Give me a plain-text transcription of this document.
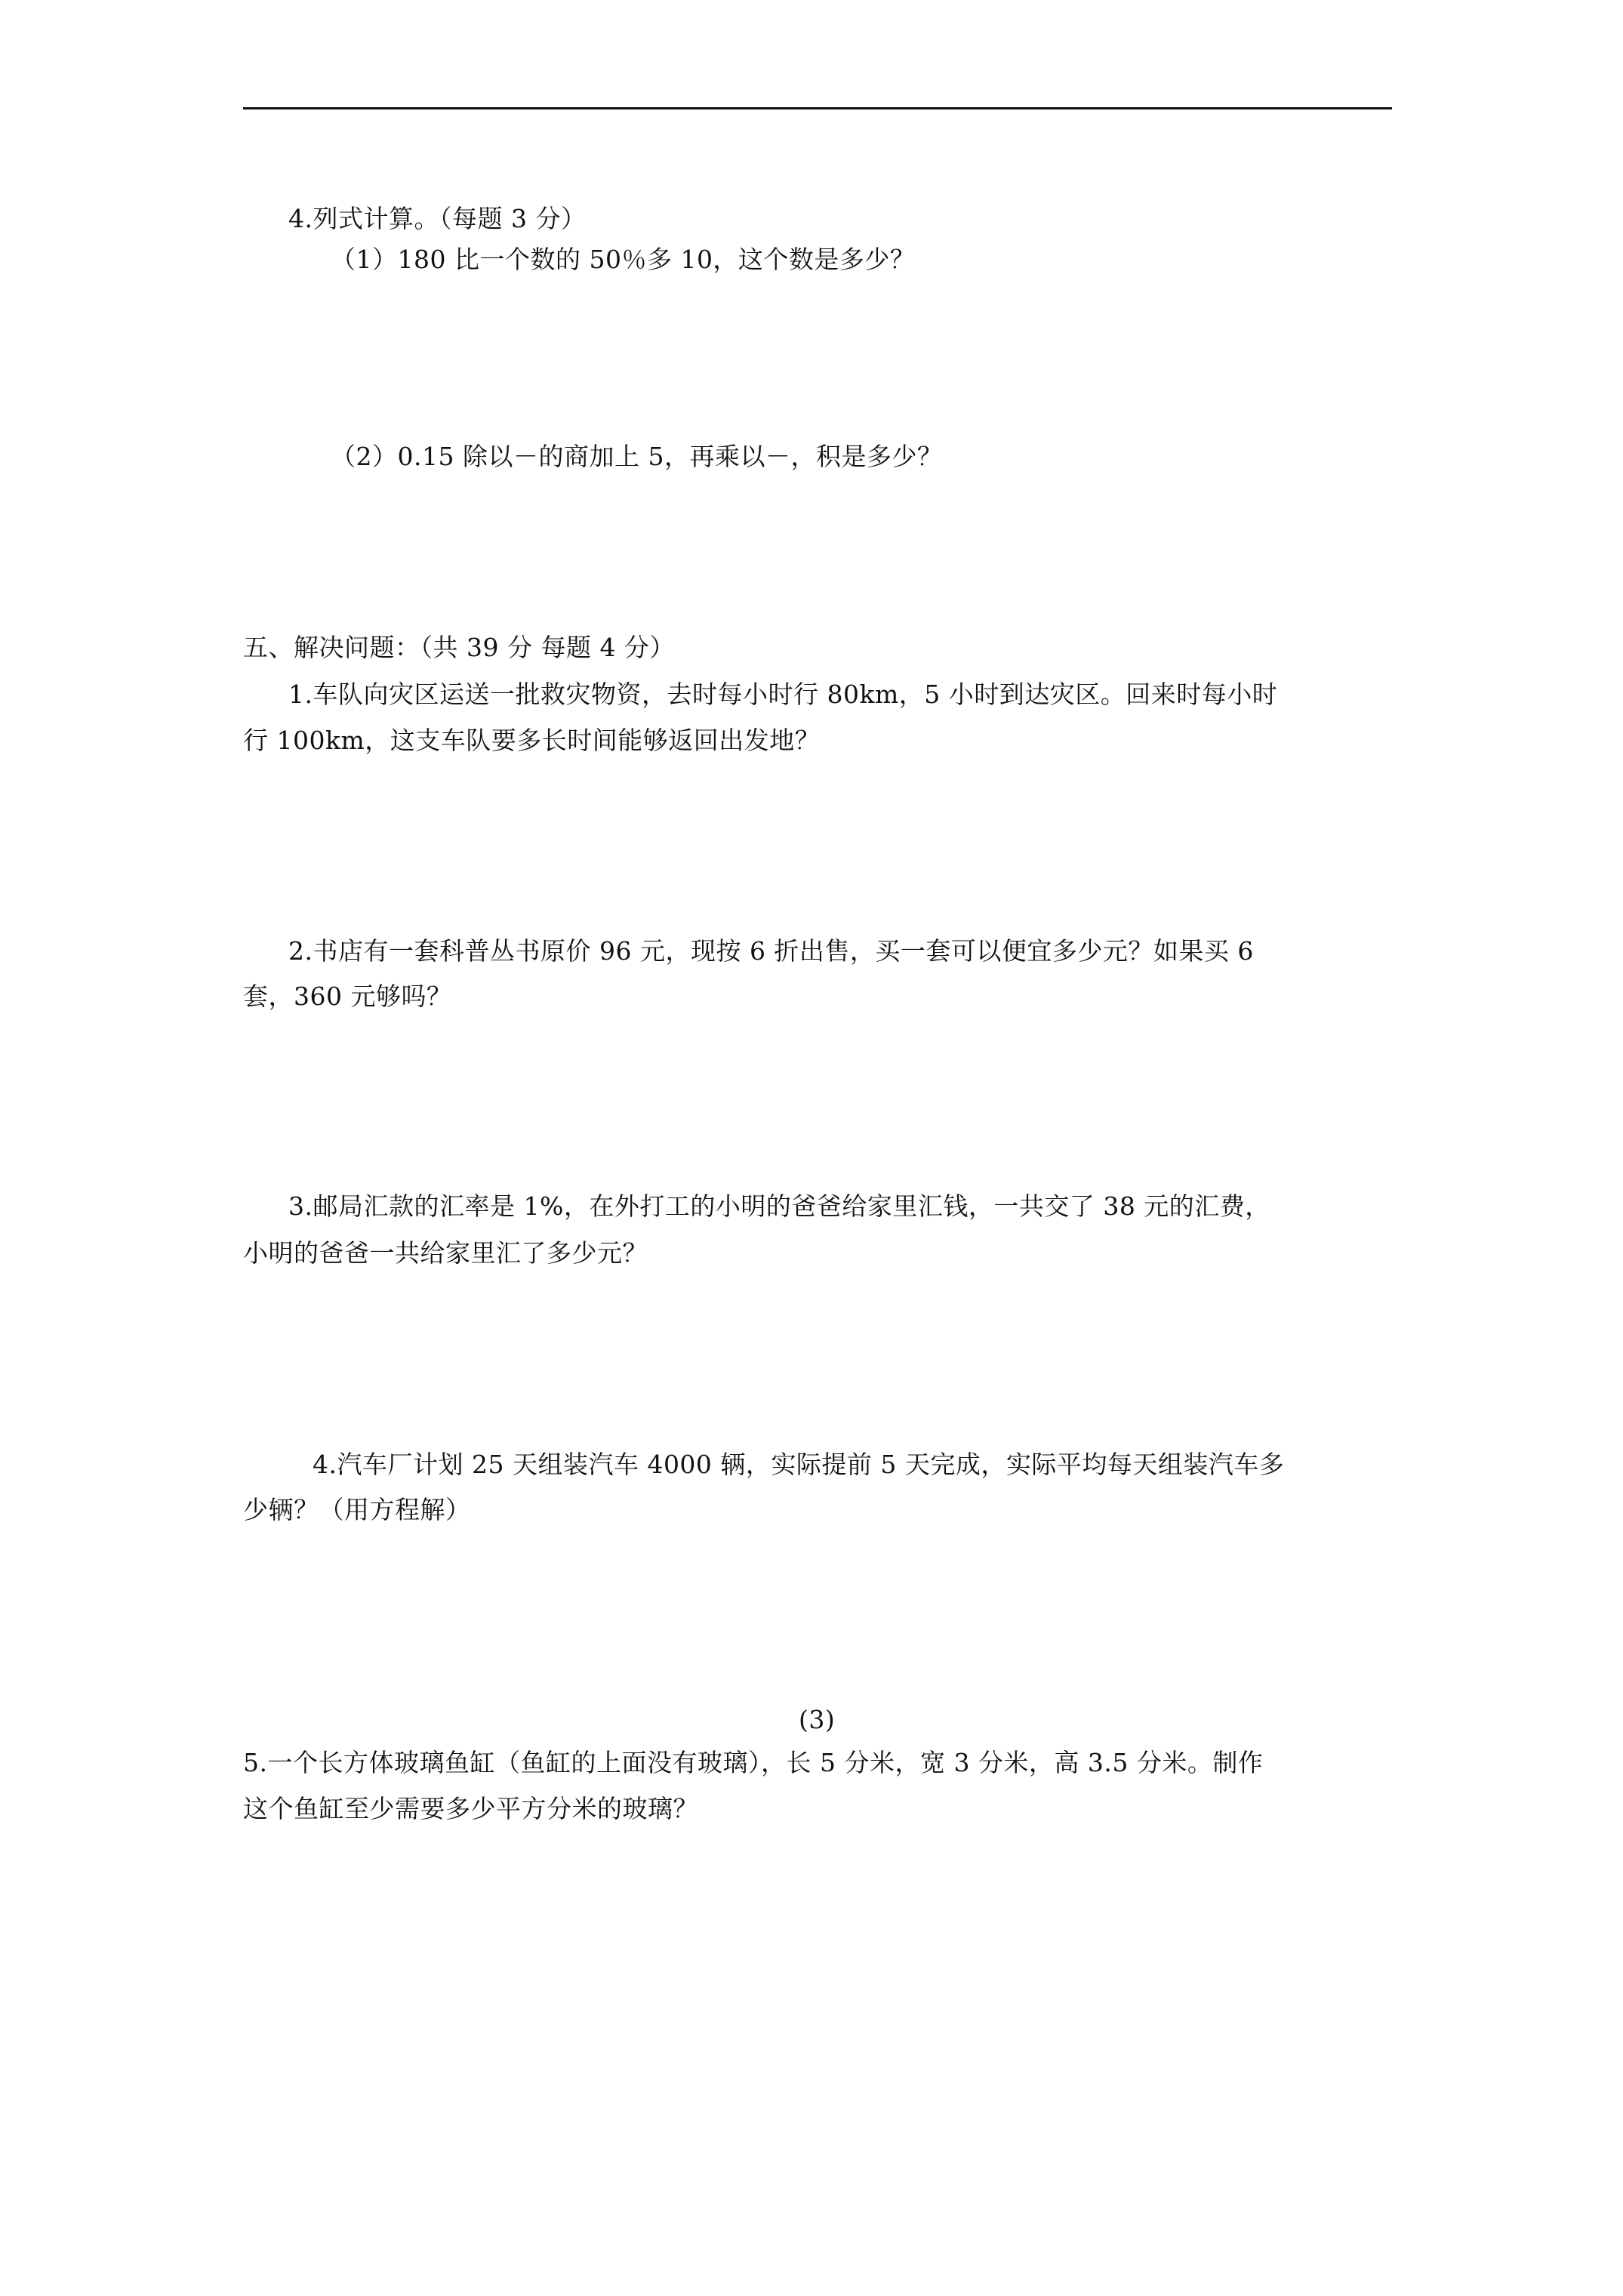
4.列式计算。（每题 3 分）
（1）180 比一个数的 50％多 10，这个数是多少？
（2）0.15 除以－的商加上 5，再乘以－，积是多少？
五、解决问题：（共 39 分 每题 4 分）
1.车队向灾区运送一批救灾物资，去时每小时行 80km，5 小时到达灾区。回来时每小时
行 100km，这支车队要多长时间能够返回出发地？
2.书店有一套科普丛书原价 96 元，现按 6 折出售，买一套可以便宜多少元？如果买 6
套，360 元够吗？
3.邮局汇款的汇率是 1%，在外打工的小明的爸爸给家里汇钱，一共交了 38 元的汇费，
小明的爸爸一共给家里汇了多少元？
4.汽车厂计划 25 天组装汽车 4000 辆，实际提前 5 天完成，实际平均每天组装汽车多
少辆？（用方程解）
(3)
5.一个长方体玻璃鱼缸（鱼缸的上面没有玻璃），长 5 分米，宽 3 分米，高 3.5 分米。制作
这个鱼缸至少需要多少平方分米的玻璃？
